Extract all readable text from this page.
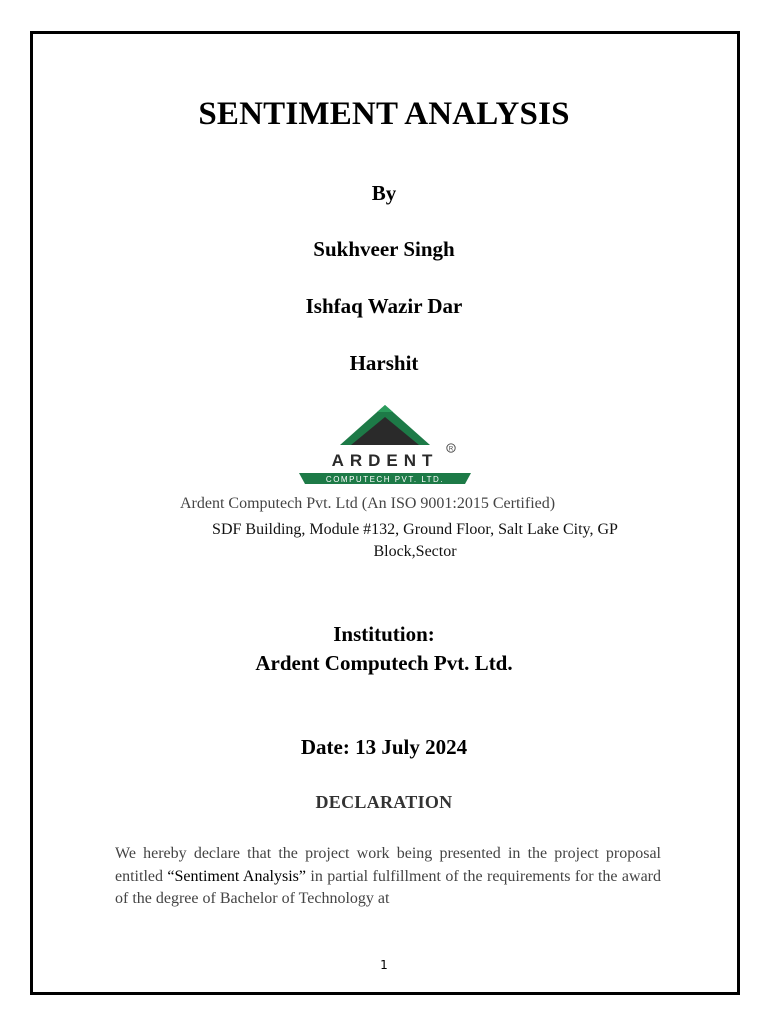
SENTIMENT ANALYSIS
By
Sukhveer Singh
Ishfaq Wazir Dar
Harshit
ARDENT
R
COMPUTECH PVT. LTD.
Ardent Computech Pvt. Ltd (An ISO 9001:2015 Certified)
SDF Building, Module #132, Ground Floor, Salt Lake City, GP Block,Sector
Institution:
Ardent Computech Pvt. Ltd.
Date: 13 July 2024
DECLARATION
We hereby declare that the project work being presented in the project proposal entitled “Sentiment Analysis” in partial fulfillment of the requirements for the award of the degree of Bachelor of Technology at
1
